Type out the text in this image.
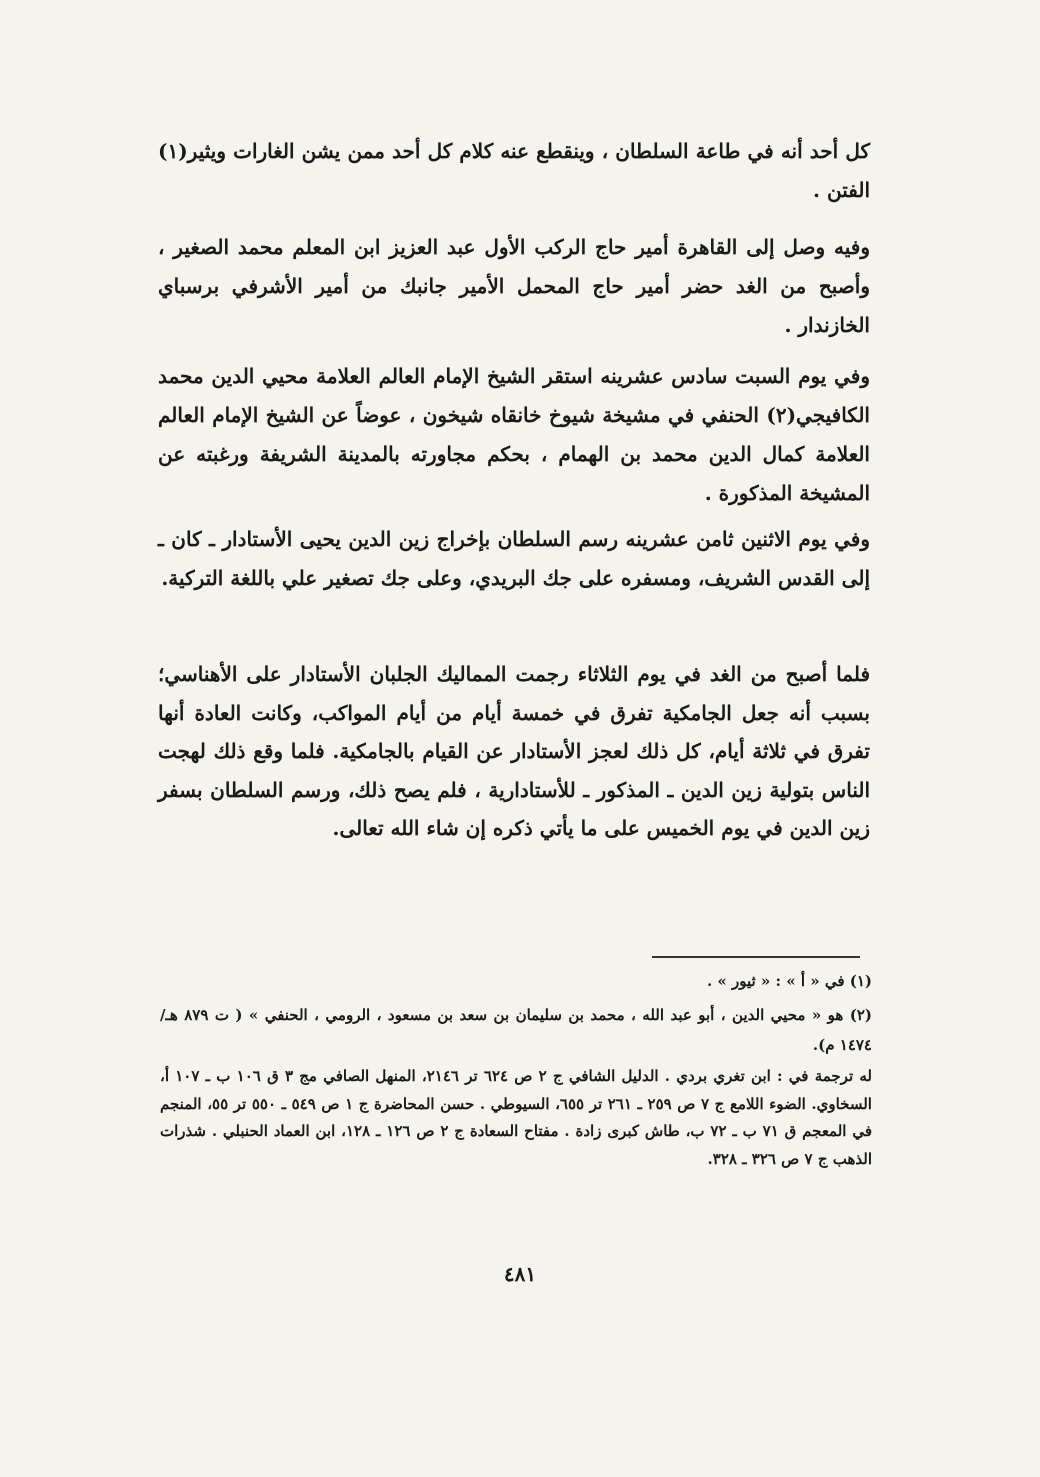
كل أحد أنه في طاعة السلطان ، وينقطع عنه كلام كل أحد ممن يشن الغارات ويثير(١) الفتن .

وفيه وصل إلى القاهرة أمير حاج الركب الأول عبد العزيز ابن المعلم محمد الصغير ، وأصبح من الغد حضر أمير حاج المحمل الأمير جانبك من أمير الأشرفي برسباي الخازندار .

وفي يوم السبت سادس عشرينه استقر الشيخ الإمام العالم العلامة محيي الدين محمد الكافيجي(٢) الحنفي في مشيخة شيوخ خانقاه شيخون ، عوضاً عن الشيخ الإمام العالم العلامة كمال الدين محمد بن الهمام ، بحكم مجاورته بالمدينة الشريفة ورغبته عن المشيخة المذكورة .

وفي يوم الاثنين ثامن عشرينه رسم السلطان بإخراج زين الدين يحيى الأستادار ـ كان ـ إلى القدس الشريف، ومسفره على جك البريدي، وعلى جك تصغير علي باللغة التركية.

فلما أصبح من الغد في يوم الثلاثاء رجمت المماليك الجلبان الأستادار على الأهناسي؛ بسبب أنه جعل الجامكية تفرق في خمسة أيام من أيام المواكب، وكانت العادة أنها تفرق في ثلاثة أيام، كل ذلك لعجز الأستادار عن القيام بالجامكية. فلما وقع ذلك لهجت الناس بتولية زين الدين ـ المذكور ـ للأستادارية ، فلم يصح ذلك، ورسم السلطان بسفر زين الدين في يوم الخميس على ما يأتي ذكره إن شاء الله تعالى.

(١) في « أ » : « ثيور » .

(٢) هو « محيي الدين ، أبو عبد الله ، محمد بن سليمان بن سعد بن مسعود ، الرومي ، الحنفي » ( ت ٨٧٩ هـ/ ١٤٧٤ م).

له ترجمة في : ابن تغري بردي . الدليل الشافي ج ٢ ص ٦٢٤ تر ٢١٤٦، المنهل الصافي مج ٣ ق ١٠٦ ب ـ ١٠٧ أ، السخاوي. الضوء اللامع ج ٧ ص ٢٥٩ ـ ٢٦١ تر ٦٥٥، السيوطي . حسن المحاضرة ج ١ ص ٥٤٩ ـ ٥٥٠ تر ٥٥، المنجم في المعجم ق ٧١ ب ـ ٧٢ ب، طاش كبرى زادة . مفتاح السعادة ج ٢ ص ١٢٦ ـ ١٢٨، ابن العماد الحنبلي . شذرات الذهب ج ٧ ص ٣٢٦ ـ ٣٢٨.

٤٨١
